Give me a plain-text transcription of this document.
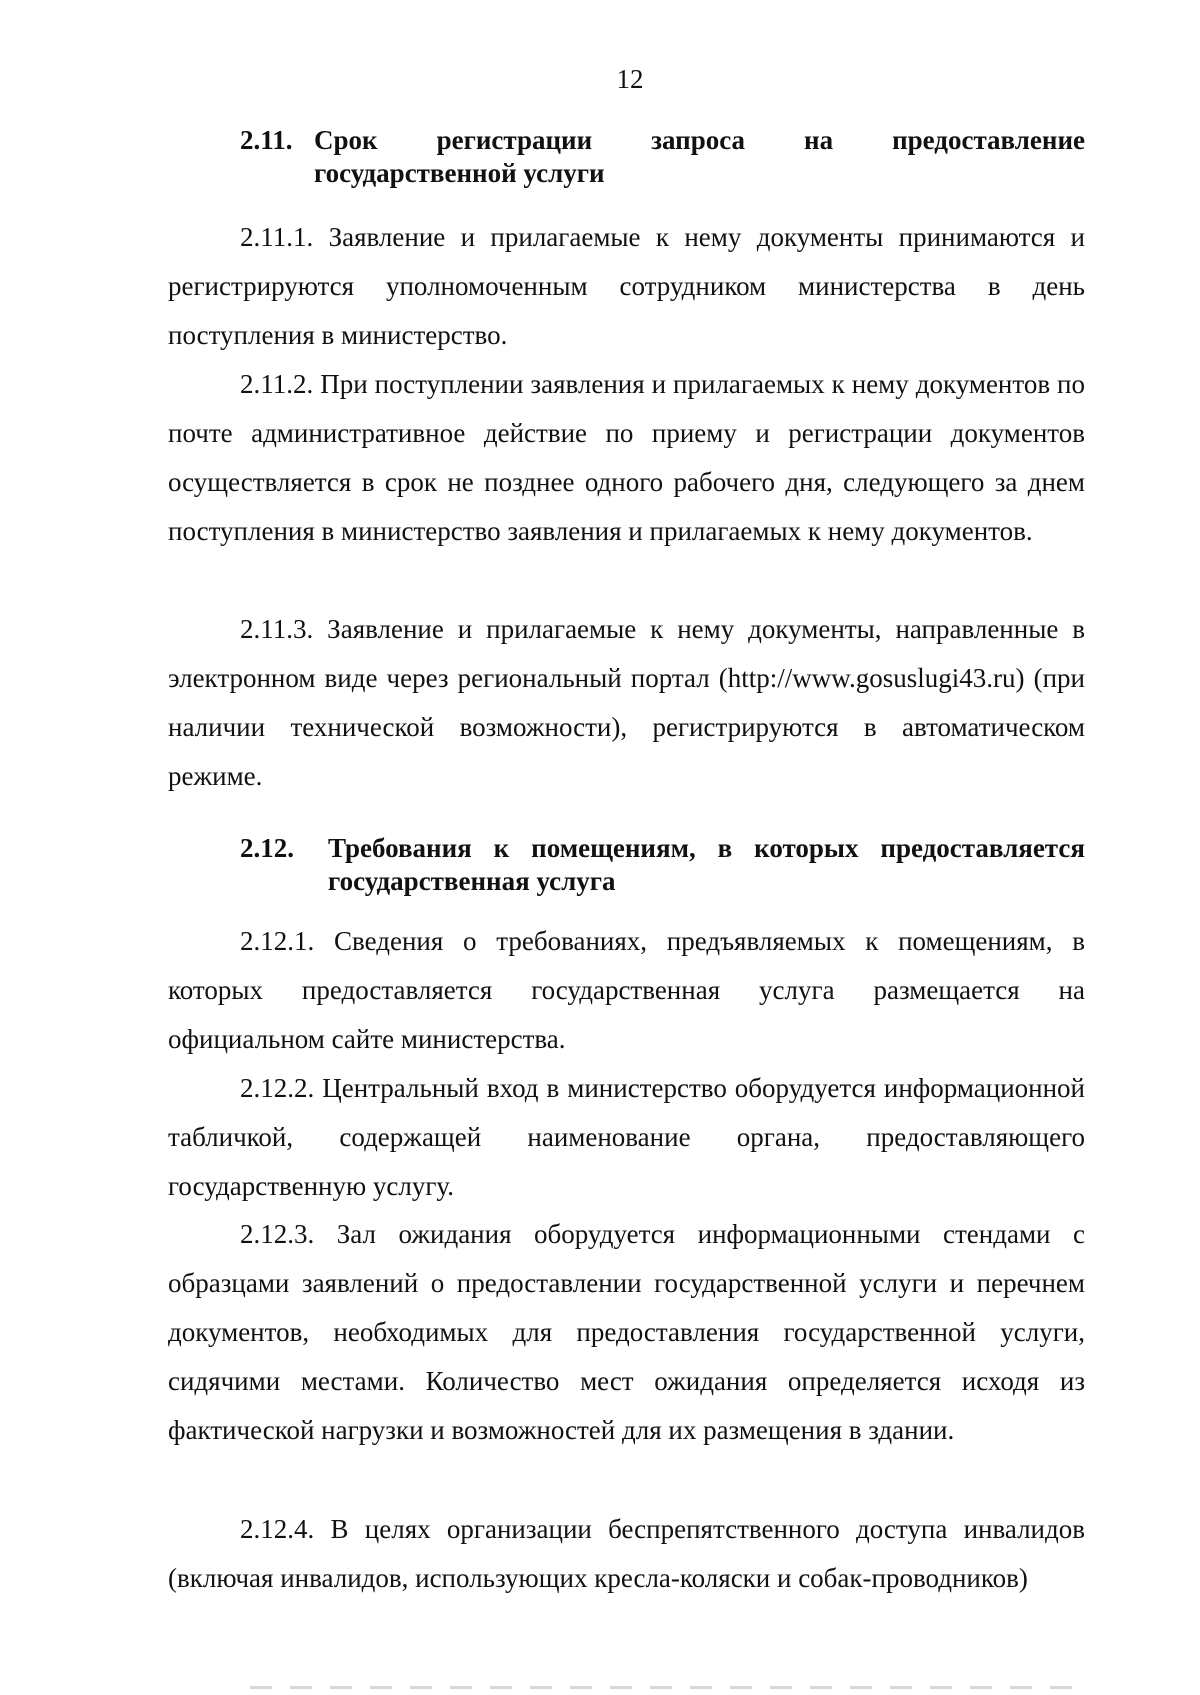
12
2.11. Срок регистрации запроса на предоставление
государственной услуги

2.11.1. Заявление и прилагаемые к нему документы принимаются и регистрируются уполномоченным сотрудником министерства в день поступления в министерство.

2.11.2. При поступлении заявления и прилагаемых к нему документов по почте административное действие по приему и регистрации документов осуществляется в срок не позднее одного рабочего дня, следующего за днем поступления в министерство заявления и прилагаемых к нему документов.

2.11.3. Заявление и прилагаемые к нему документы, направленные в электронном виде через региональный портал (http://www.gosuslugi43.ru) (при наличии технической возможности), регистрируются в автоматическом режиме.

2.12.	Требования к помещениям, в которых предоставляется
государственная услуга

2.12.1. Сведения о требованиях, предъявляемых к помещениям, в которых предоставляется государственная услуга размещается на официальном сайте министерства.

2.12.2. Центральный вход в министерство оборудуется информационной табличкой, содержащей наименование органа, предоставляющего государственную услугу.

2.12.3. Зал ожидания оборудуется информационными стендами с образцами заявлений о предоставлении государственной услуги и перечнем документов, необходимых для предоставления государственной услуги, сидячими местами. Количество мест ожидания определяется исходя из фактической нагрузки и возможностей для их размещения в здании.

2.12.4. В целях организации беспрепятственного доступа инвалидов (включая инвалидов, использующих кресла-коляски и собак-проводников)
